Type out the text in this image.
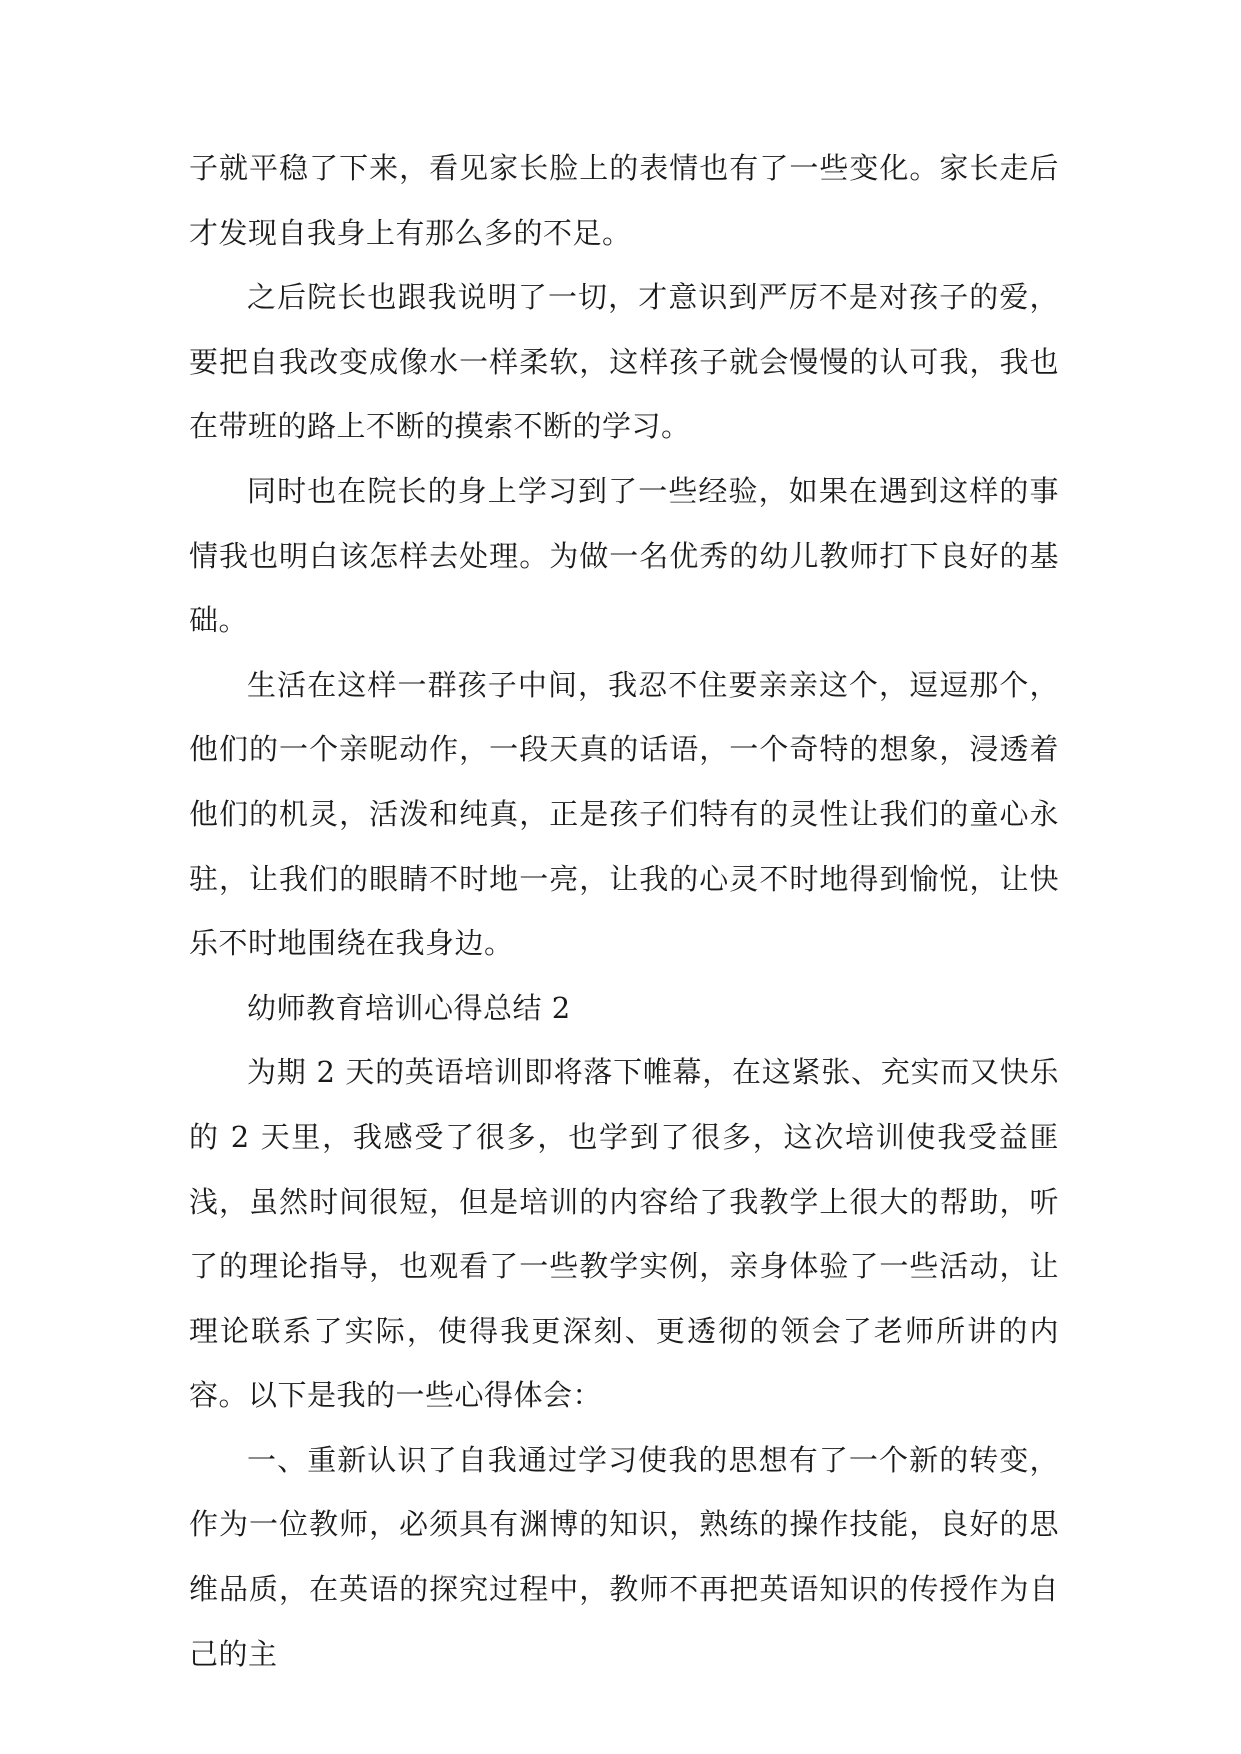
子就平稳了下来，看见家长脸上的表情也有了一些变化。家长走后才发现自我身上有那么多的不足。

之后院长也跟我说明了一切，才意识到严厉不是对孩子的爱，要把自我改变成像水一样柔软，这样孩子就会慢慢的认可我，我也在带班的路上不断的摸索不断的学习。

同时也在院长的身上学习到了一些经验，如果在遇到这样的事情我也明白该怎样去处理。为做一名优秀的幼儿教师打下良好的基础。

生活在这样一群孩子中间，我忍不住要亲亲这个，逗逗那个，他们的一个亲昵动作，一段天真的话语，一个奇特的想象，浸透着他们的机灵，活泼和纯真，正是孩子们特有的灵性让我们的童心永驻，让我们的眼睛不时地一亮，让我的心灵不时地得到愉悦，让快乐不时地围绕在我身边。

幼师教育培训心得总结 2

为期 2 天的英语培训即将落下帷幕，在这紧张、充实而又快乐的 2 天里，我感受了很多，也学到了很多，这次培训使我受益匪浅，虽然时间很短，但是培训的内容给了我教学上很大的帮助，听了的理论指导，也观看了一些教学实例，亲身体验了一些活动，让理论联系了实际，使得我更深刻、更透彻的领会了老师所讲的内容。以下是我的一些心得体会：

一、重新认识了自我通过学习使我的思想有了一个新的转变，作为一位教师，必须具有渊博的知识，熟练的操作技能，良好的思维品质，在英语的探究过程中，教师不再把英语知识的传授作为自己的主
